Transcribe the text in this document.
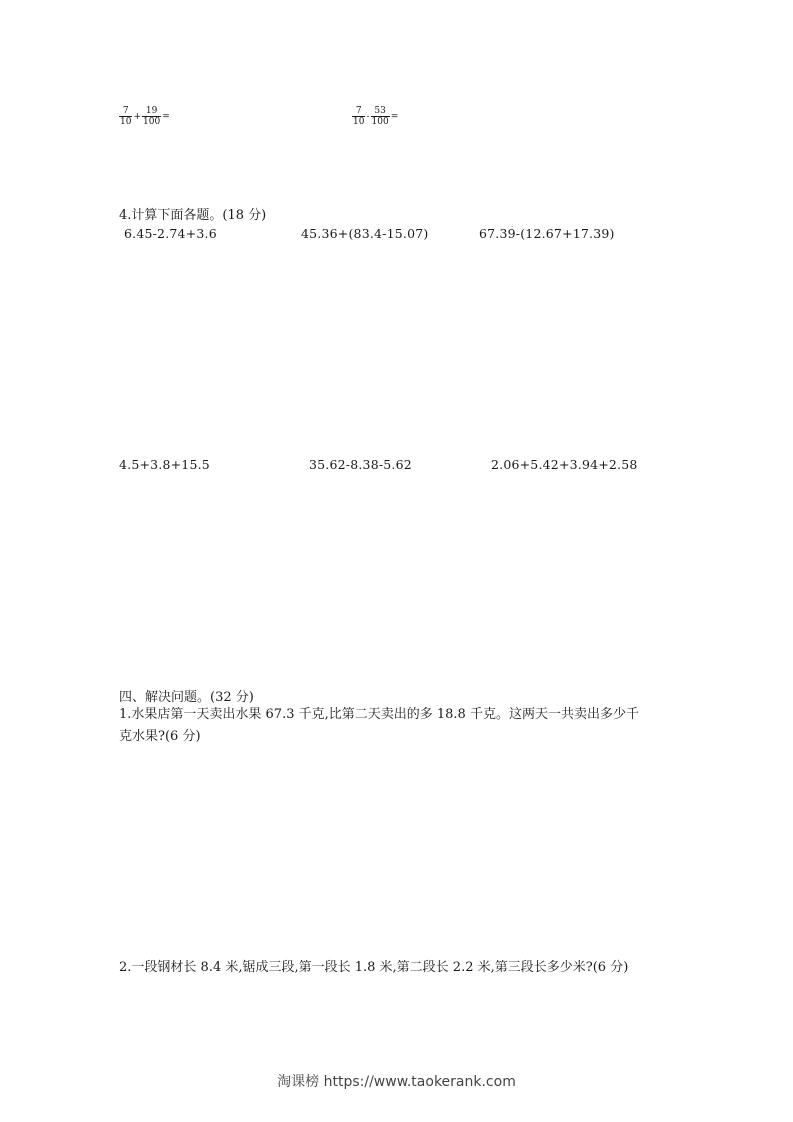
$\frac{7}{10} + \frac{19}{100}$ =	$\frac{7}{10} - \frac{53}{100}$ =
4.计算下面各题。(18 分)
6.45-2.74+3.6	45.36+(83.4-15.07)	67.39-(12.67+17.39)
4.5+3.8+15.5	35.62-8.38-5.62	2.06+5.42+3.94+2.58
四、解决问题。(32 分)
1.水果店第一天卖出水果 67.3 千克,比第二天卖出的多 18.8 千克。这两天一共卖出多少千
克水果?(6 分)
2.一段钢材长 8.4 米,锯成三段,第一段长 1.8 米,第二段长 2.2 米,第三段长多少米?(6 分)
淘课榜 https://www.taokerank.com
